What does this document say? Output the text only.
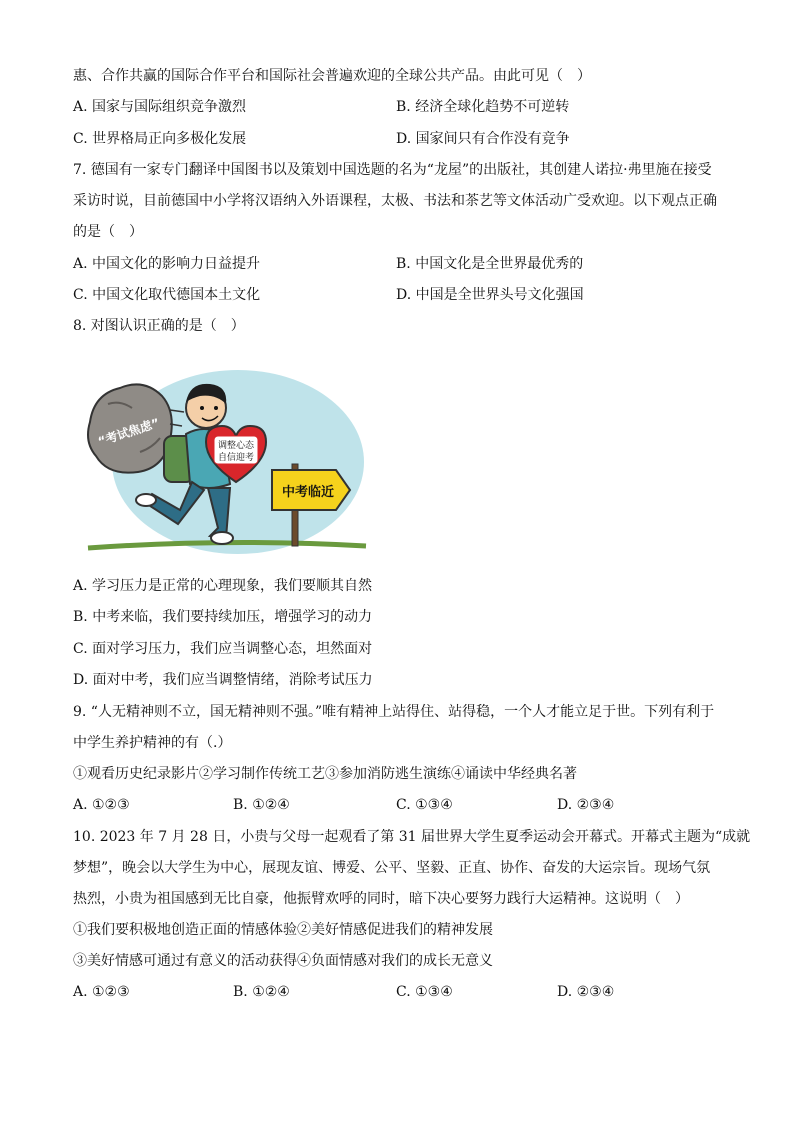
惠、合作共赢的国际合作平台和国际社会普遍欢迎的全球公共产品。由此可见（　）
A. 国家与国际组织竞争激烈	B. 经济全球化趋势不可逆转
C. 世界格局正向多极化发展	D. 国家间只有合作没有竞争
7. 德国有一家专门翻译中国图书以及策划中国选题的名为“龙屋”的出版社，其创建人诺拉·弗里施在接受
采访时说，目前德国中小学将汉语纳入外语课程，太极、书法和茶艺等文体活动广受欢迎。以下观点正确
的是（　）
A. 中国文化的影响力日益提升	B. 中国文化是全世界最优秀的
C. 中国文化取代德国本土文化	D. 中国是全世界头号文化强国
8. 对图认识正确的是（　）
“考试焦虑”	调整心态
自信迎考
中考临近
A. 学习压力是正常的心理现象，我们要顺其自然
B. 中考来临，我们要持续加压，增强学习的动力
C. 面对学习压力，我们应当调整心态，坦然面对
D. 面对中考，我们应当调整情绪，消除考试压力
9. “人无精神则不立，国无精神则不强。”唯有精神上站得住、站得稳，一个人才能立足于世。下列有利于
中学生养护精神的有（.）
①观看历史纪录影片②学习制作传统工艺③参加消防逃生演练④诵读中华经典名著
A. ①②③	B. ①②④	C. ①③④	D. ②③④
10. 2023 年 7 月 28 日，小贵与父母一起观看了第 31 届世界大学生夏季运动会开幕式。开幕式主题为“成就
梦想”，晚会以大学生为中心，展现友谊、博爱、公平、坚毅、正直、协作、奋发的大运宗旨。现场气氛
热烈，小贵为祖国感到无比自豪，他振臂欢呼的同时，暗下决心要努力践行大运精神。这说明（　）
①我们要积极地创造正面的情感体验②美好情感促进我们的精神发展
③美好情感可通过有意义的活动获得④负面情感对我们的成长无意义
A. ①②③	B. ①②④	C. ①③④	D. ②③④
